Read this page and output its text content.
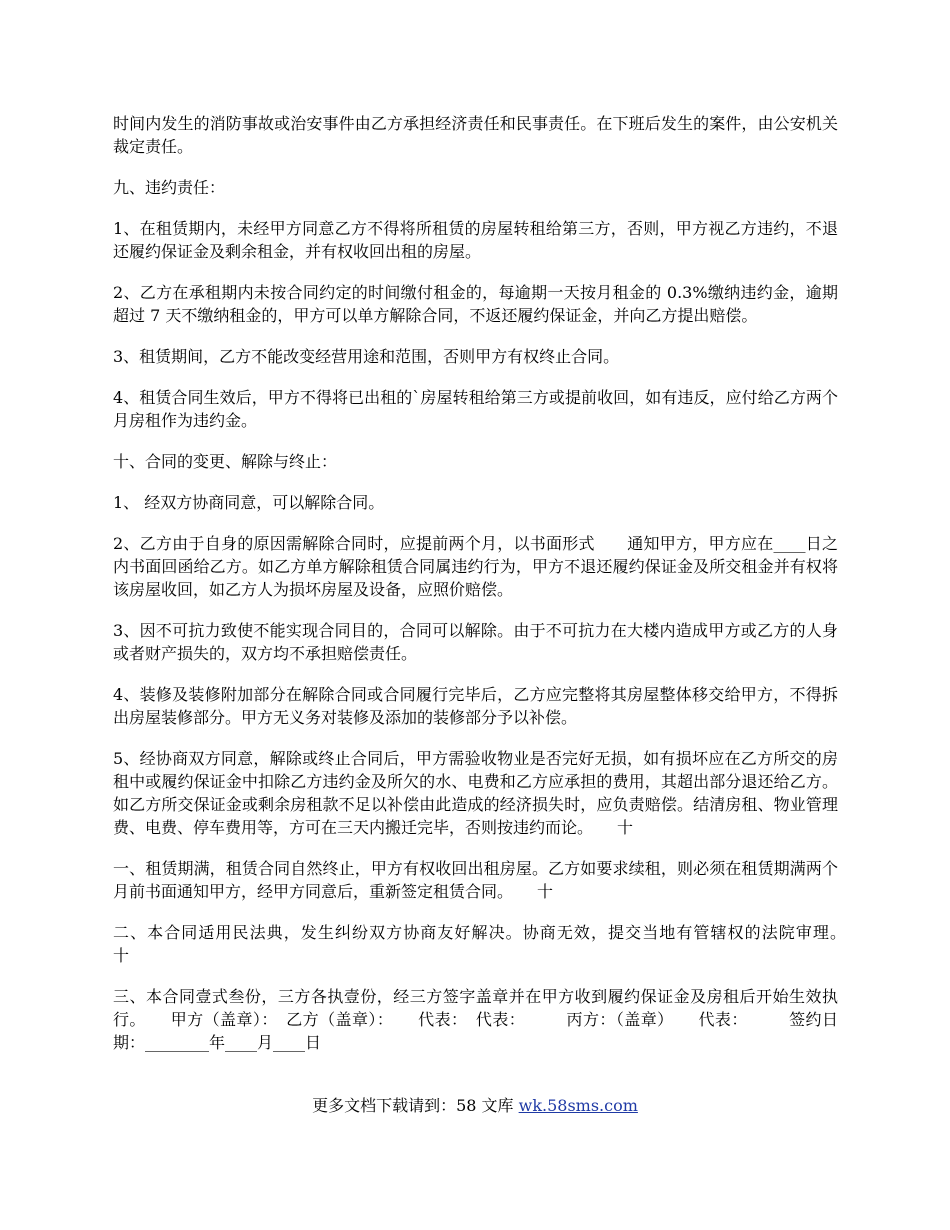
时间内发生的消防事故或治安事件由乙方承担经济责任和民事责任。在下班后发生的案件，由公安机关裁定责任。

九、违约责任：

1、在租赁期内，未经甲方同意乙方不得将所租赁的房屋转租给第三方，否则，甲方视乙方违约，不退还履约保证金及剩余租金，并有权收回出租的房屋。

2、乙方在承租期内未按合同约定的时间缴付租金的，每逾期一天按月租金的 0.3%缴纳违约金，逾期超过 7 天不缴纳租金的，甲方可以单方解除合同，不返还履约保证金，并向乙方提出赔偿。

3、租赁期间，乙方不能改变经营用途和范围，否则甲方有权终止合同。

4、租赁合同生效后，甲方不得将已出租的`房屋转租给第三方或提前收回，如有违反，应付给乙方两个月房租作为违约金。

十、合同的变更、解除与终止：

1、 经双方协商同意，可以解除合同。

2、乙方由于自身的原因需解除合同时，应提前两个月，以书面形式　　通知甲方，甲方应在____日之内书面回函给乙方。如乙方单方解除租赁合同属违约行为，甲方不退还履约保证金及所交租金并有权将该房屋收回，如乙方人为损坏房屋及设备，应照价赔偿。

3、因不可抗力致使不能实现合同目的，合同可以解除。由于不可抗力在大楼内造成甲方或乙方的人身或者财产损失的，双方均不承担赔偿责任。

4、装修及装修附加部分在解除合同或合同履行完毕后，乙方应完整将其房屋整体移交给甲方，不得拆出房屋装修部分。甲方无义务对装修及添加的装修部分予以补偿。

5、经协商双方同意，解除或终止合同后，甲方需验收物业是否完好无损，如有损坏应在乙方所交的房租中或履约保证金中扣除乙方违约金及所欠的水、电费和乙方应承担的费用，其超出部分退还给乙方。如乙方所交保证金或剩余房租款不足以补偿由此造成的经济损失时，应负责赔偿。结清房租、物业管理费、电费、停车费用等，方可在三天内搬迁完毕，否则按违约而论。　　十

一、租赁期满，租赁合同自然终止，甲方有权收回出租房屋。乙方如要求续租，则必须在租赁期满两个月前书面通知甲方，经甲方同意后，重新签定租赁合同。　　十

二、本合同适用民法典，发生纠纷双方协商友好解决。协商无效，提交当地有管辖权的法院审理。　　十

三、本合同壹式叁份，三方各执壹份，经三方签字盖章并在甲方收到履约保证金及房租后开始生效执行。　　甲方（盖章）：　乙方（盖章）：　　代表：　代表：　　　丙方：（盖章）　　代表：　　　签约日期：________年____月____日

更多文档下载请到：58 文库 wk.58sms.com
